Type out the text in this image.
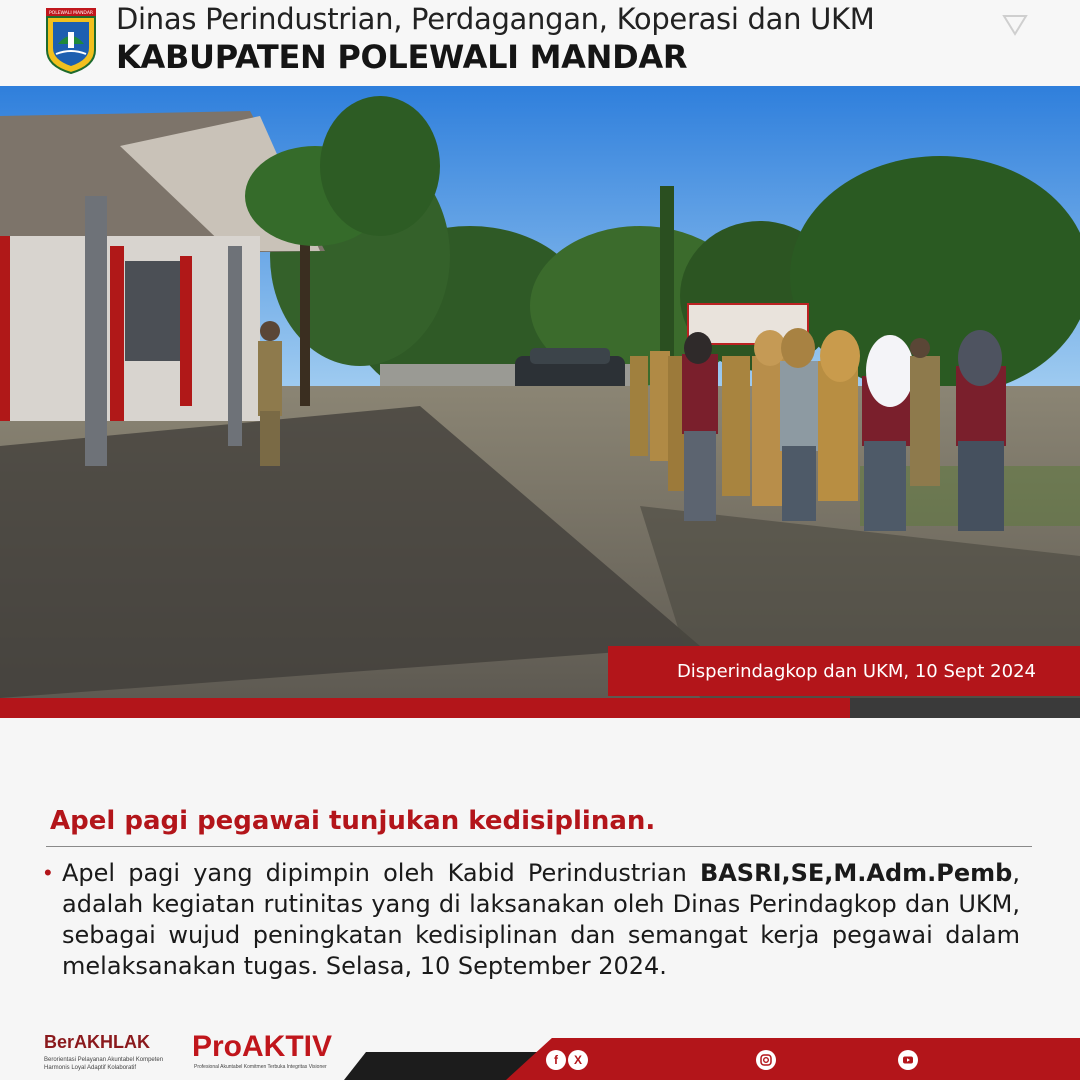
POLEWALI MANDAR Dinas Perindustrian, Perdagangan, Koperasi dan UKM
KABUPATEN POLEWALI MANDAR
Disperindagkop dan UKM, 10 Sept 2024
Apel pagi pegawai tunjukan kedisiplinan.
• Apel pagi yang dipimpin oleh Kabid Perindustrian BASRI,SE,M.Adm.Pemb, adalah kegiatan rutinitas yang di laksanakan oleh Dinas Perindagkop dan UKM, sebagai wujud peningkatan kedisiplinan dan semangat kerja pegawai dalam melaksanakan tugas. Selasa, 10 September 2024.
BerAKHLAK
Berorientasi Pelayanan Akuntabel Kompeten Harmonis Loyal Adaptif Kolaboratif
ProAKTIV
Profesional Akuntabel Komitmen Terbuka Integritas Visioner	f	X
